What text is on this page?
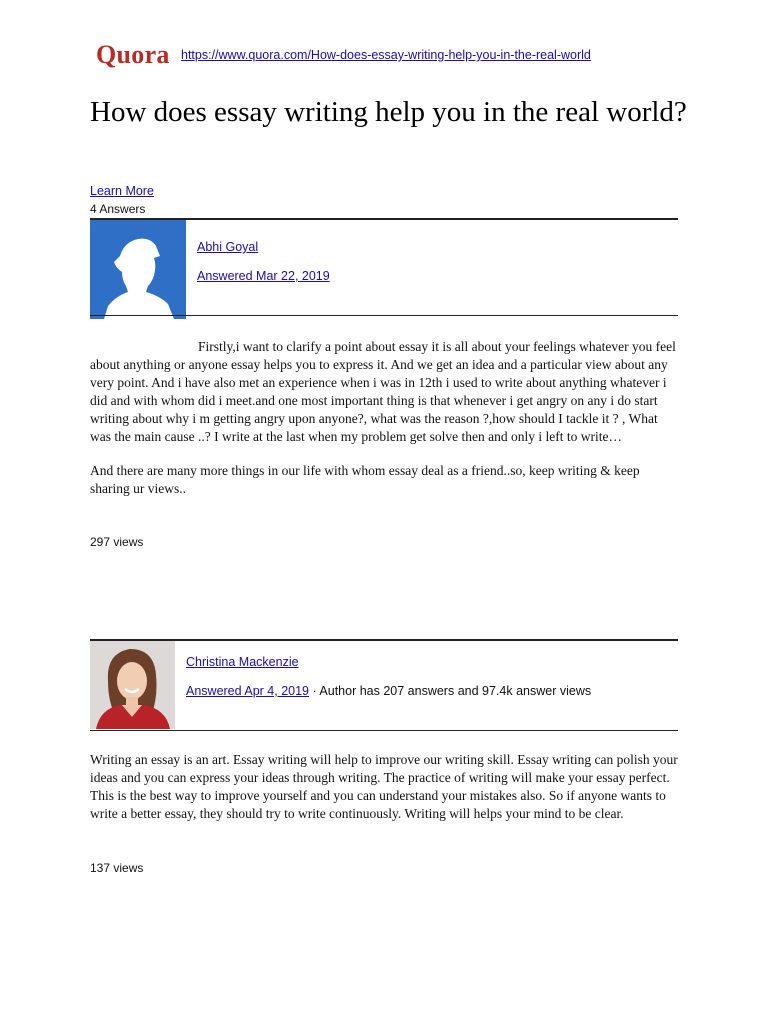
Quora https://www.quora.com/How-does-essay-writing-help-you-in-the-real-world
How does essay writing help you in the real world?
Learn More
4 Answers
Abhi Goyal
Answered Mar 22, 2019

Firstly,i want to clarify a point about essay it is all about your feelings whatever you feel about anything or anyone essay helps you to express it. And we get an idea and a particular view about any very point. And i have also met an experience when i was in 12th i used to write about anything whatever i did and with whom did i meet.and one most important thing is that whenever i get angry on any i do start writing about why i m getting angry upon anyone?, what was the reason ?,how should I tackle it ? , What was the main cause ..? I write at the last when my problem get solve then and only i left to write…

And there are many more things in our life with whom essay deal as a friend..so, keep writing & keep sharing ur views..

297 views
Christina Mackenzie
Answered Apr 4, 2019 · Author has 207 answers and 97.4k answer views

Writing an essay is an art. Essay writing will help to improve our writing skill. Essay writing can polish your ideas and you can express your ideas through writing. The practice of writing will make your essay perfect. This is the best way to improve yourself and you can understand your mistakes also. So if anyone wants to write a better essay, they should try to write continuously. Writing will helps your mind to be clear.

137 views
